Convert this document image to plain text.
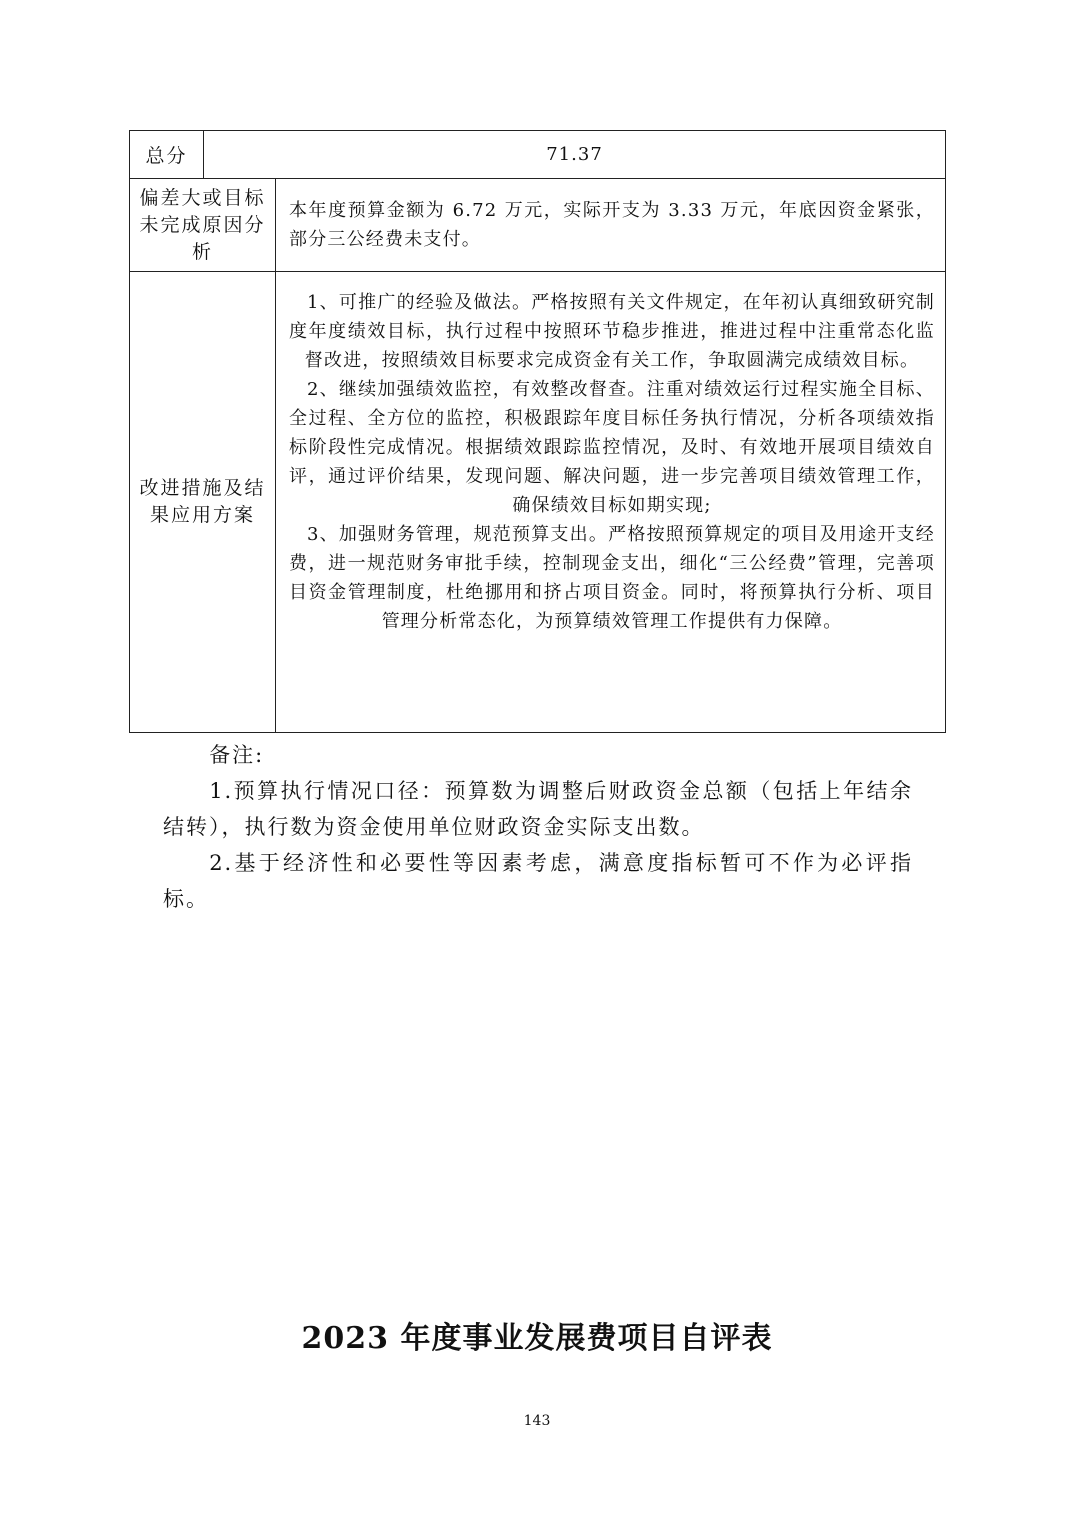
总分	71.37
偏差大或目标未完成原因分析
本年度预算金额为 6.72 万元，实际开支为 3.33 万元，年底因资金紧张，部分三公经费未支付。
改进措施及结果应用方案

1、可推广的经验及做法。严格按照有关文件规定，在年初认真细致研究制度年度绩效目标，执行过程中按照环节稳步推进，推进过程中注重常态化监督改进，按照绩效目标要求完成资金有关工作，争取圆满完成绩效目标。

2、继续加强绩效监控，有效整改督查。注重对绩效运行过程实施全目标、全过程、全方位的监控，积极跟踪年度目标任务执行情况，分析各项绩效指标阶段性完成情况。根据绩效跟踪监控情况，及时、有效地开展项目绩效自评，通过评价结果，发现问题、解决问题，进一步完善项目绩效管理工作，确保绩效目标如期实现;

3、加强财务管理，规范预算支出。严格按照预算规定的项目及用途开支经费，进一规范财务审批手续，控制现金支出，细化“三公经费”管理，完善项目资金管理制度，杜绝挪用和挤占项目资金。同时，将预算执行分析、项目管理分析常态化，为预算绩效管理工作提供有力保障。

备注:

1.预算执行情况口径：预算数为调整后财政资金总额（包括上年结余结转），执行数为资金使用单位财政资金实际支出数。

2.基于经济性和必要性等因素考虑，满意度指标暂可不作为必评指标。

2023 年度事业发展费项目自评表
143
